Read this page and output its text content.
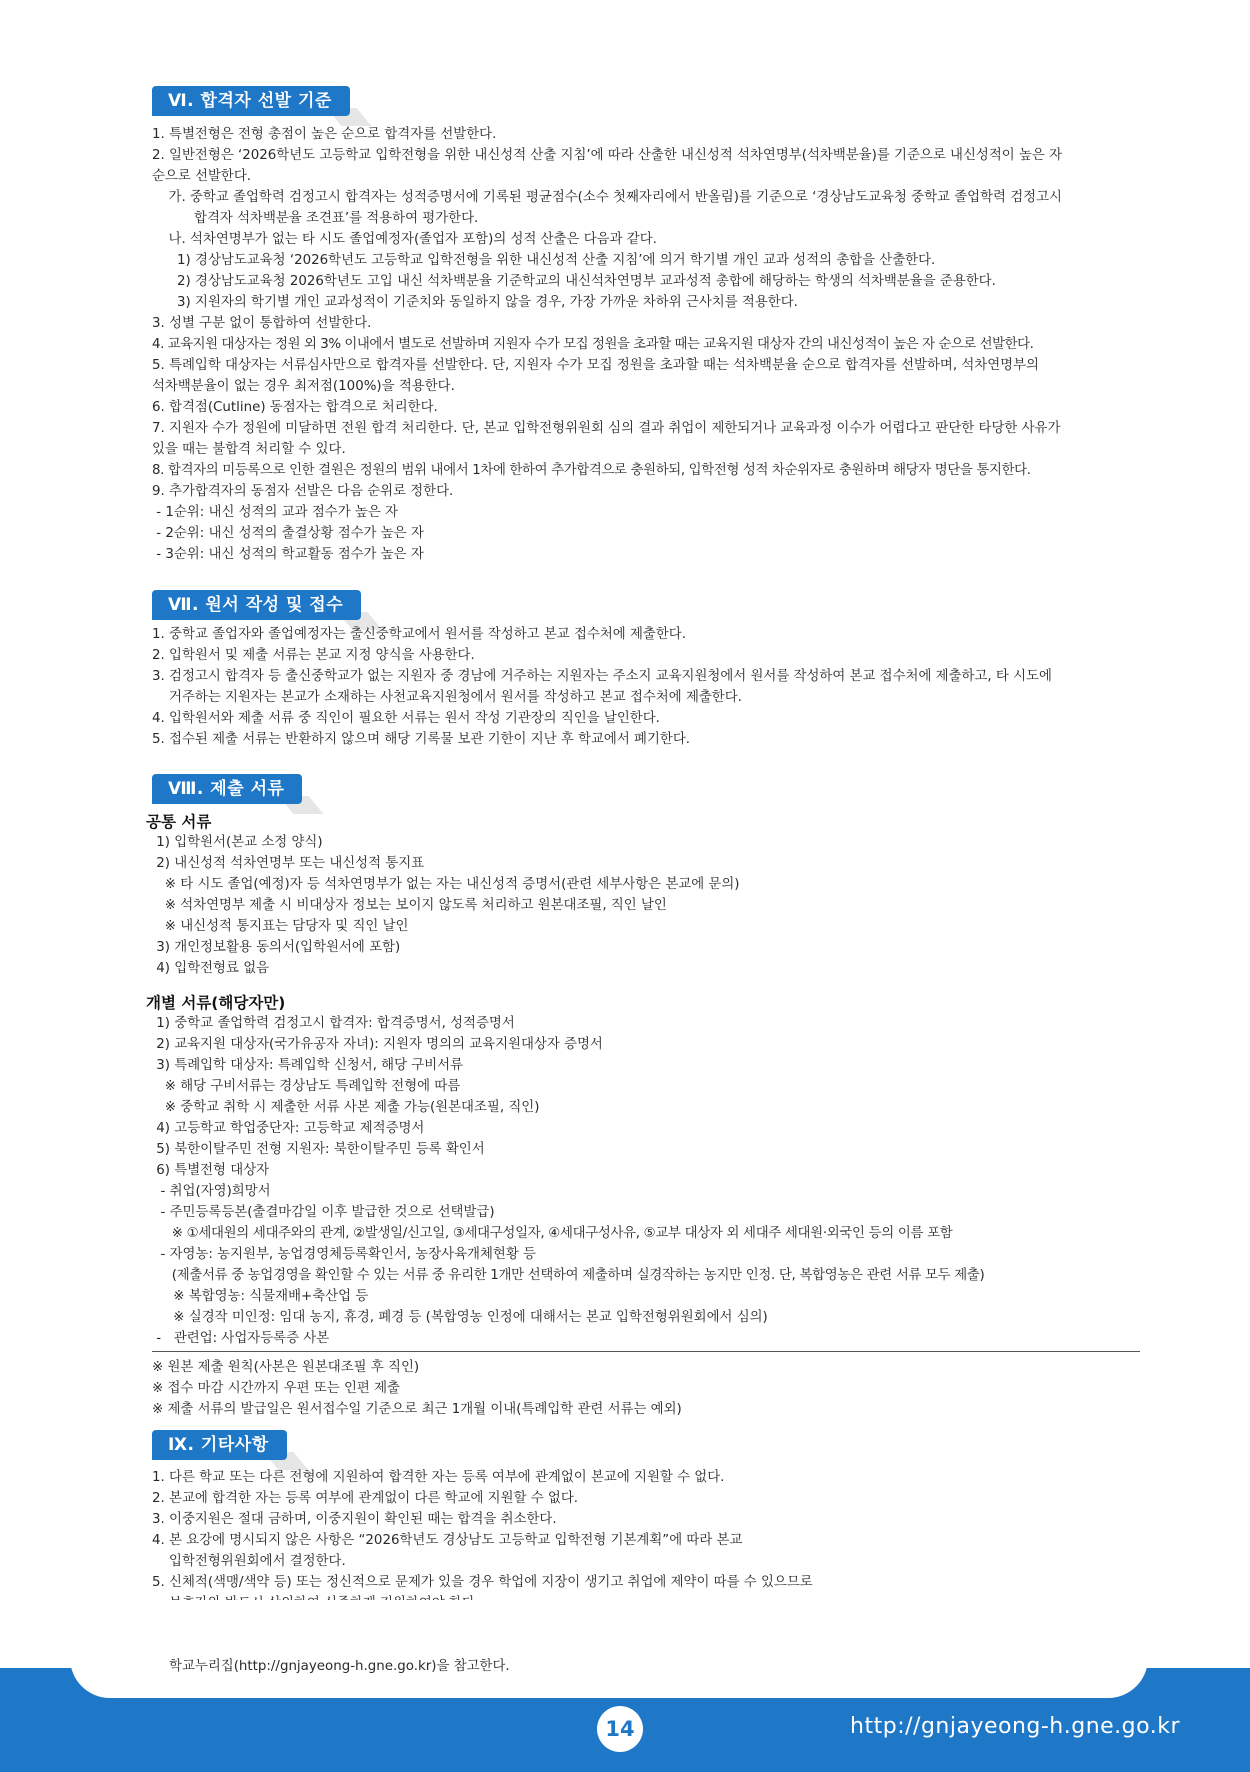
Ⅵ. 합격자 선발 기준
1. 특별전형은 전형 총점이 높은 순으로 합격자를 선발한다.
2. 일반전형은 ‘2026학년도 고등학교 입학전형을 위한 내신성적 산출 지침’에 따라 산출한 내신성적 석차연명부(석차백분율)를 기준으로 내신성적이 높은 자
순으로 선발한다.
가. 중학교 졸업학력 검정고시 합격자는 성적증명서에 기록된 평균점수(소수 첫째자리에서 반올림)를 기준으로 ‘경상남도교육청 중학교 졸업학력 검정고시
합격자 석차백분율 조견표’를 적용하여 평가한다.
나. 석차연명부가 없는 타 시도 졸업예정자(졸업자 포함)의 성적 산출은 다음과 같다.
1) 경상남도교육청 ‘2026학년도 고등학교 입학전형을 위한 내신성적 산출 지침’에 의거 학기별 개인 교과 성적의 총합을 산출한다.
2) 경상남도교육청 2026학년도 고입 내신 석차백분율 기준학교의 내신석차연명부 교과성적 총합에 해당하는 학생의 석차백분율을 준용한다.
3) 지원자의 학기별 개인 교과성적이 기준치와 동일하지 않을 경우, 가장 가까운 차하위 근사치를 적용한다.
3. 성별 구분 없이 통합하여 선발한다.
4. 교육지원 대상자는 정원 외 3% 이내에서 별도로 선발하며 지원자 수가 모집 정원을 초과할 때는 교육지원 대상자 간의 내신성적이 높은 자 순으로 선발한다.
5. 특례입학 대상자는 서류심사만으로 합격자를 선발한다. 단, 지원자 수가 모집 정원을 초과할 때는 석차백분율 순으로 합격자를 선발하며, 석차연명부의
석차백분율이 없는 경우 최저점(100%)을 적용한다.
6. 합격점(Cutline) 동점자는 합격으로 처리한다.
7. 지원자 수가 정원에 미달하면 전원 합격 처리한다. 단, 본교 입학전형위원회 심의 결과 취업이 제한되거나 교육과정 이수가 어렵다고 판단한 타당한 사유가
있을 때는 불합격 처리할 수 있다.
8. 합격자의 미등록으로 인한 결원은 정원의 범위 내에서 1차에 한하여 추가합격으로 충원하되, 입학전형 성적 차순위자로 충원하며 해당자 명단을 통지한다.
9. 추가합격자의 동점자 선발은 다음 순위로 정한다.
- 1순위: 내신 성적의 교과 점수가 높은 자
- 2순위: 내신 성적의 출결상황 점수가 높은 자
- 3순위: 내신 성적의 학교활동 점수가 높은 자
Ⅶ. 원서 작성 및 접수
1. 중학교 졸업자와 졸업예정자는 출신중학교에서 원서를 작성하고 본교 접수처에 제출한다.
2. 입학원서 및 제출 서류는 본교 지정 양식을 사용한다.
3. 검정고시 합격자 등 출신중학교가 없는 지원자 중 경남에 거주하는 지원자는 주소지 교육지원청에서 원서를 작성하여 본교 접수처에 제출하고, 타 시도에
거주하는 지원자는 본교가 소재하는 사천교육지원청에서 원서를 작성하고 본교 접수처에 제출한다.
4. 입학원서와 제출 서류 중 직인이 필요한 서류는 원서 작성 기관장의 직인을 날인한다.
5. 접수된 제출 서류는 반환하지 않으며 해당 기록물 보관 기한이 지난 후 학교에서 폐기한다.
Ⅷ. 제출 서류
공통 서류
1) 입학원서(본교 소정 양식)
2) 내신성적 석차연명부 또는 내신성적 통지표
※ 타 시도 졸업(예정)자 등 석차연명부가 없는 자는 내신성적 증명서(관련 세부사항은 본교에 문의)
※ 석차연명부 제출 시 비대상자 정보는 보이지 않도록 처리하고 원본대조필, 직인 날인
※ 내신성적 통지표는 담당자 및 직인 날인
3) 개인정보활용 동의서(입학원서에 포함)
4) 입학전형료 없음
개별 서류(해당자만)
1) 중학교 졸업학력 검정고시 합격자: 합격증명서, 성적증명서
2) 교육지원 대상자(국가유공자 자녀): 지원자 명의의 교육지원대상자 증명서
3) 특례입학 대상자: 특례입학 신청서, 해당 구비서류
※ 해당 구비서류는 경상남도 특례입학 전형에 따름
※ 중학교 취학 시 제출한 서류 사본 제출 가능(원본대조필, 직인)
4) 고등학교 학업중단자: 고등학교 제적증명서
5) 북한이탈주민 전형 지원자: 북한이탈주민 등록 확인서
6) 특별전형 대상자
- 취업(자영)희망서
- 주민등록등본(출결마감일 이후 발급한 것으로 선택발급)
※ ①세대원의 세대주와의 관계, ②발생일/신고일, ③세대구성일자, ④세대구성사유, ⑤교부 대상자 외 세대주 세대원·외국인 등의 이름 포함
- 자영농: 농지원부, 농업경영체등록확인서, 농장사육개체현황 등
(제출서류 중 농업경영을 확인할 수 있는 서류 중 유리한 1개만 선택하여 제출하며 실경작하는 농지만 인정. 단, 복합영농은 관련 서류 모두 제출)
※ 복합영농: 식물재배+축산업 등
※ 실경작 미인정: 임대 농지, 휴경, 폐경 등 (복합영농 인정에 대해서는 본교 입학전형위원회에서 심의)
-   관련업: 사업자등록증 사본
※ 원본 제출 원칙(사본은 원본대조필 후 직인)
※ 접수 마감 시간까지 우편 또는 인편 제출
※ 제출 서류의 발급일은 원서접수일 기준으로 최근 1개월 이내(특례입학 관련 서류는 예외)
Ⅸ. 기타사항
1. 다른 학교 또는 다른 전형에 지원하여 합격한 자는 등록 여부에 관계없이 본교에 지원할 수 없다.
2. 본교에 합격한 자는 등록 여부에 관계없이 다른 학교에 지원할 수 없다.
3. 이중지원은 절대 금하며, 이중지원이 확인된 때는 합격을 취소한다.
4. 본 요강에 명시되지 않은 사항은 “2026학년도 경상남도 고등학교 입학전형 기본계획”에 따라 본교
입학전형위원회에서 결정한다.
5. 신체적(색맹/색약 등) 또는 정신적으로 문제가 있을 경우 학업에 지장이 생기고 취업에 제약이 따를 수 있으므로
학교누리집(http://gnjayeong-h.gne.go.kr)을 참고한다.
14	http://gnjayeong-h.gne.go.kr
